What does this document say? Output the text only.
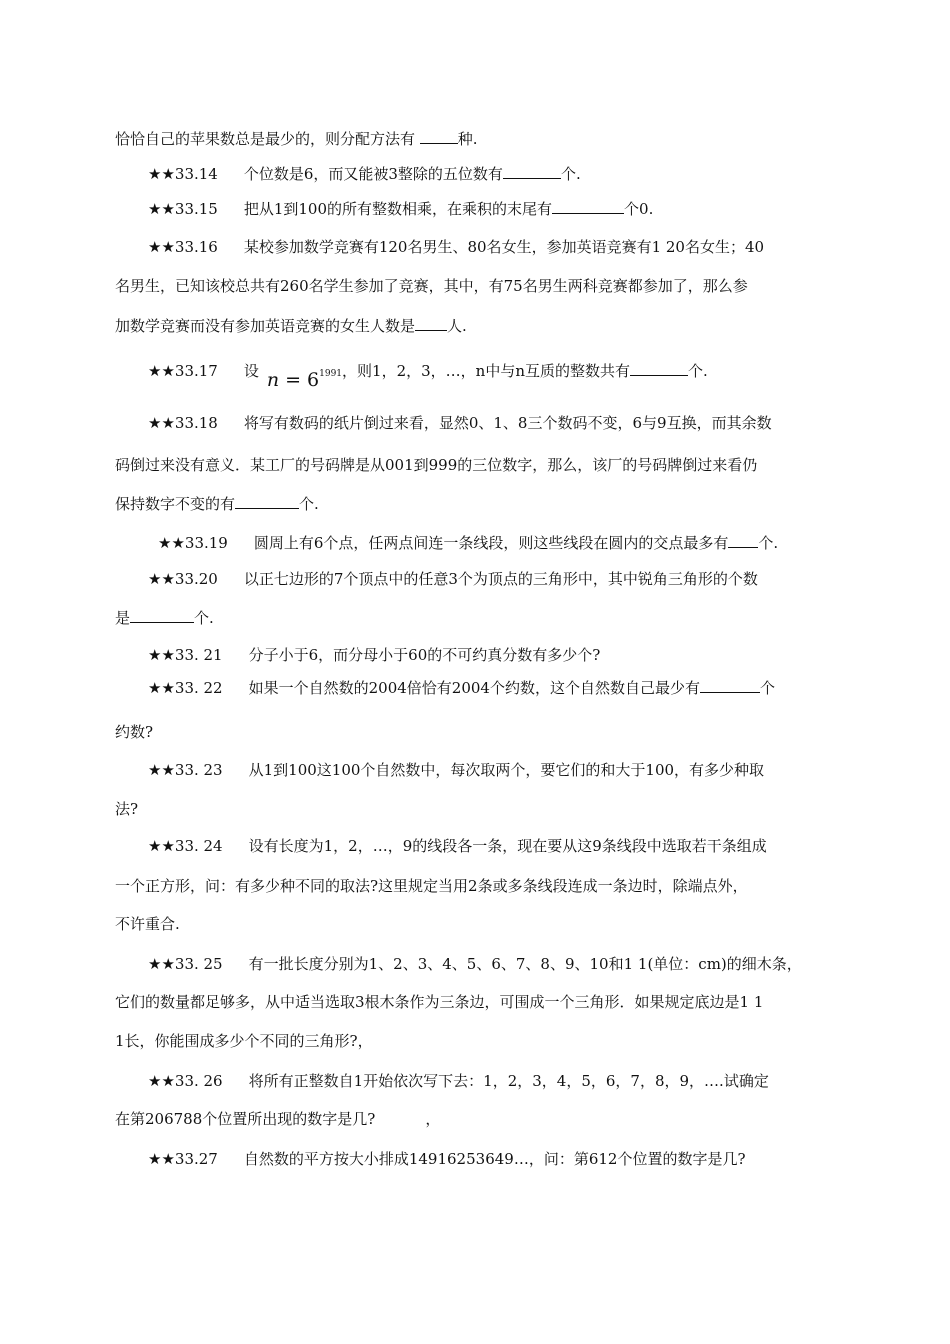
恰恰自己的苹果数总是最少的，则分配方法有	种.
★★33.14 个位数是6，而又能被3整除的五位数有	个.
★★33.15 把从1到100的所有整数相乘，在乘积的末尾有	个0.
★★33.16 某校参加数学竞赛有120名男生、80名女生，参加英语竞赛有1 20名女生；40
名男生，已知该校总共有260名学生参加了竞赛，其中，有75名男生两科竞赛都参加了，那么参
加数学竞赛而没有参加英语竞赛的女生人数是 人.
★★33.17 设 $n = 6^{1991}$，则1，2，3，…，n中与n互质的整数共有	个.
★★33.18 将写有数码的纸片倒过来看，显然0、1、8三个数码不变，6与9互换，而其余数
码倒过来没有意义．某工厂的号码牌是从001到999的三位数字，那么，该厂的号码牌倒过来看仍
保持数字不变的有	个.
★★33.19 圆周上有6个点，任两点间连一条线段，则这些线段在圆内的交点最多有 个.
★★33.20 以正七边形的7个顶点中的任意3个为顶点的三角形中，其中锐角三角形的个数
是	个.
★★33. 21 分子小于6，而分母小于60的不可约真分数有多少个?
★★33. 22 如果一个自然数的2004倍恰有2004个约数，这个自然数自己最少有	个
约数?
★★33. 23 从1到100这100个自然数中，每次取两个，要它们的和大于100，有多少种取
法?
★★33. 24 设有长度为1，2，…，9的线段各一条，现在要从这9条线段中选取若干条组成
一个正方形，问：有多少种不同的取法?这里规定当用2条或多条线段连成一条边时，除端点外，
不许重合.
★★33. 25 有一批长度分别为1、2、3、4、5、6、7、8、9、10和1 1(单位：cm)的细木条，
它们的数量都足够多，从中适当选取3根木条作为三条边，可围成一个三角形．如果规定底边是1 1
1长，你能围成多少个不同的三角形?，
★★33. 26 将所有正整数自1开始依次写下去：1，2，3，4，5，6，7，8，9，….试确定
在第206788个位置所出现的数字是几?	，
★★33.27 自然数的平方按大小排成14916253649…，问：第612个位置的数字是几?
